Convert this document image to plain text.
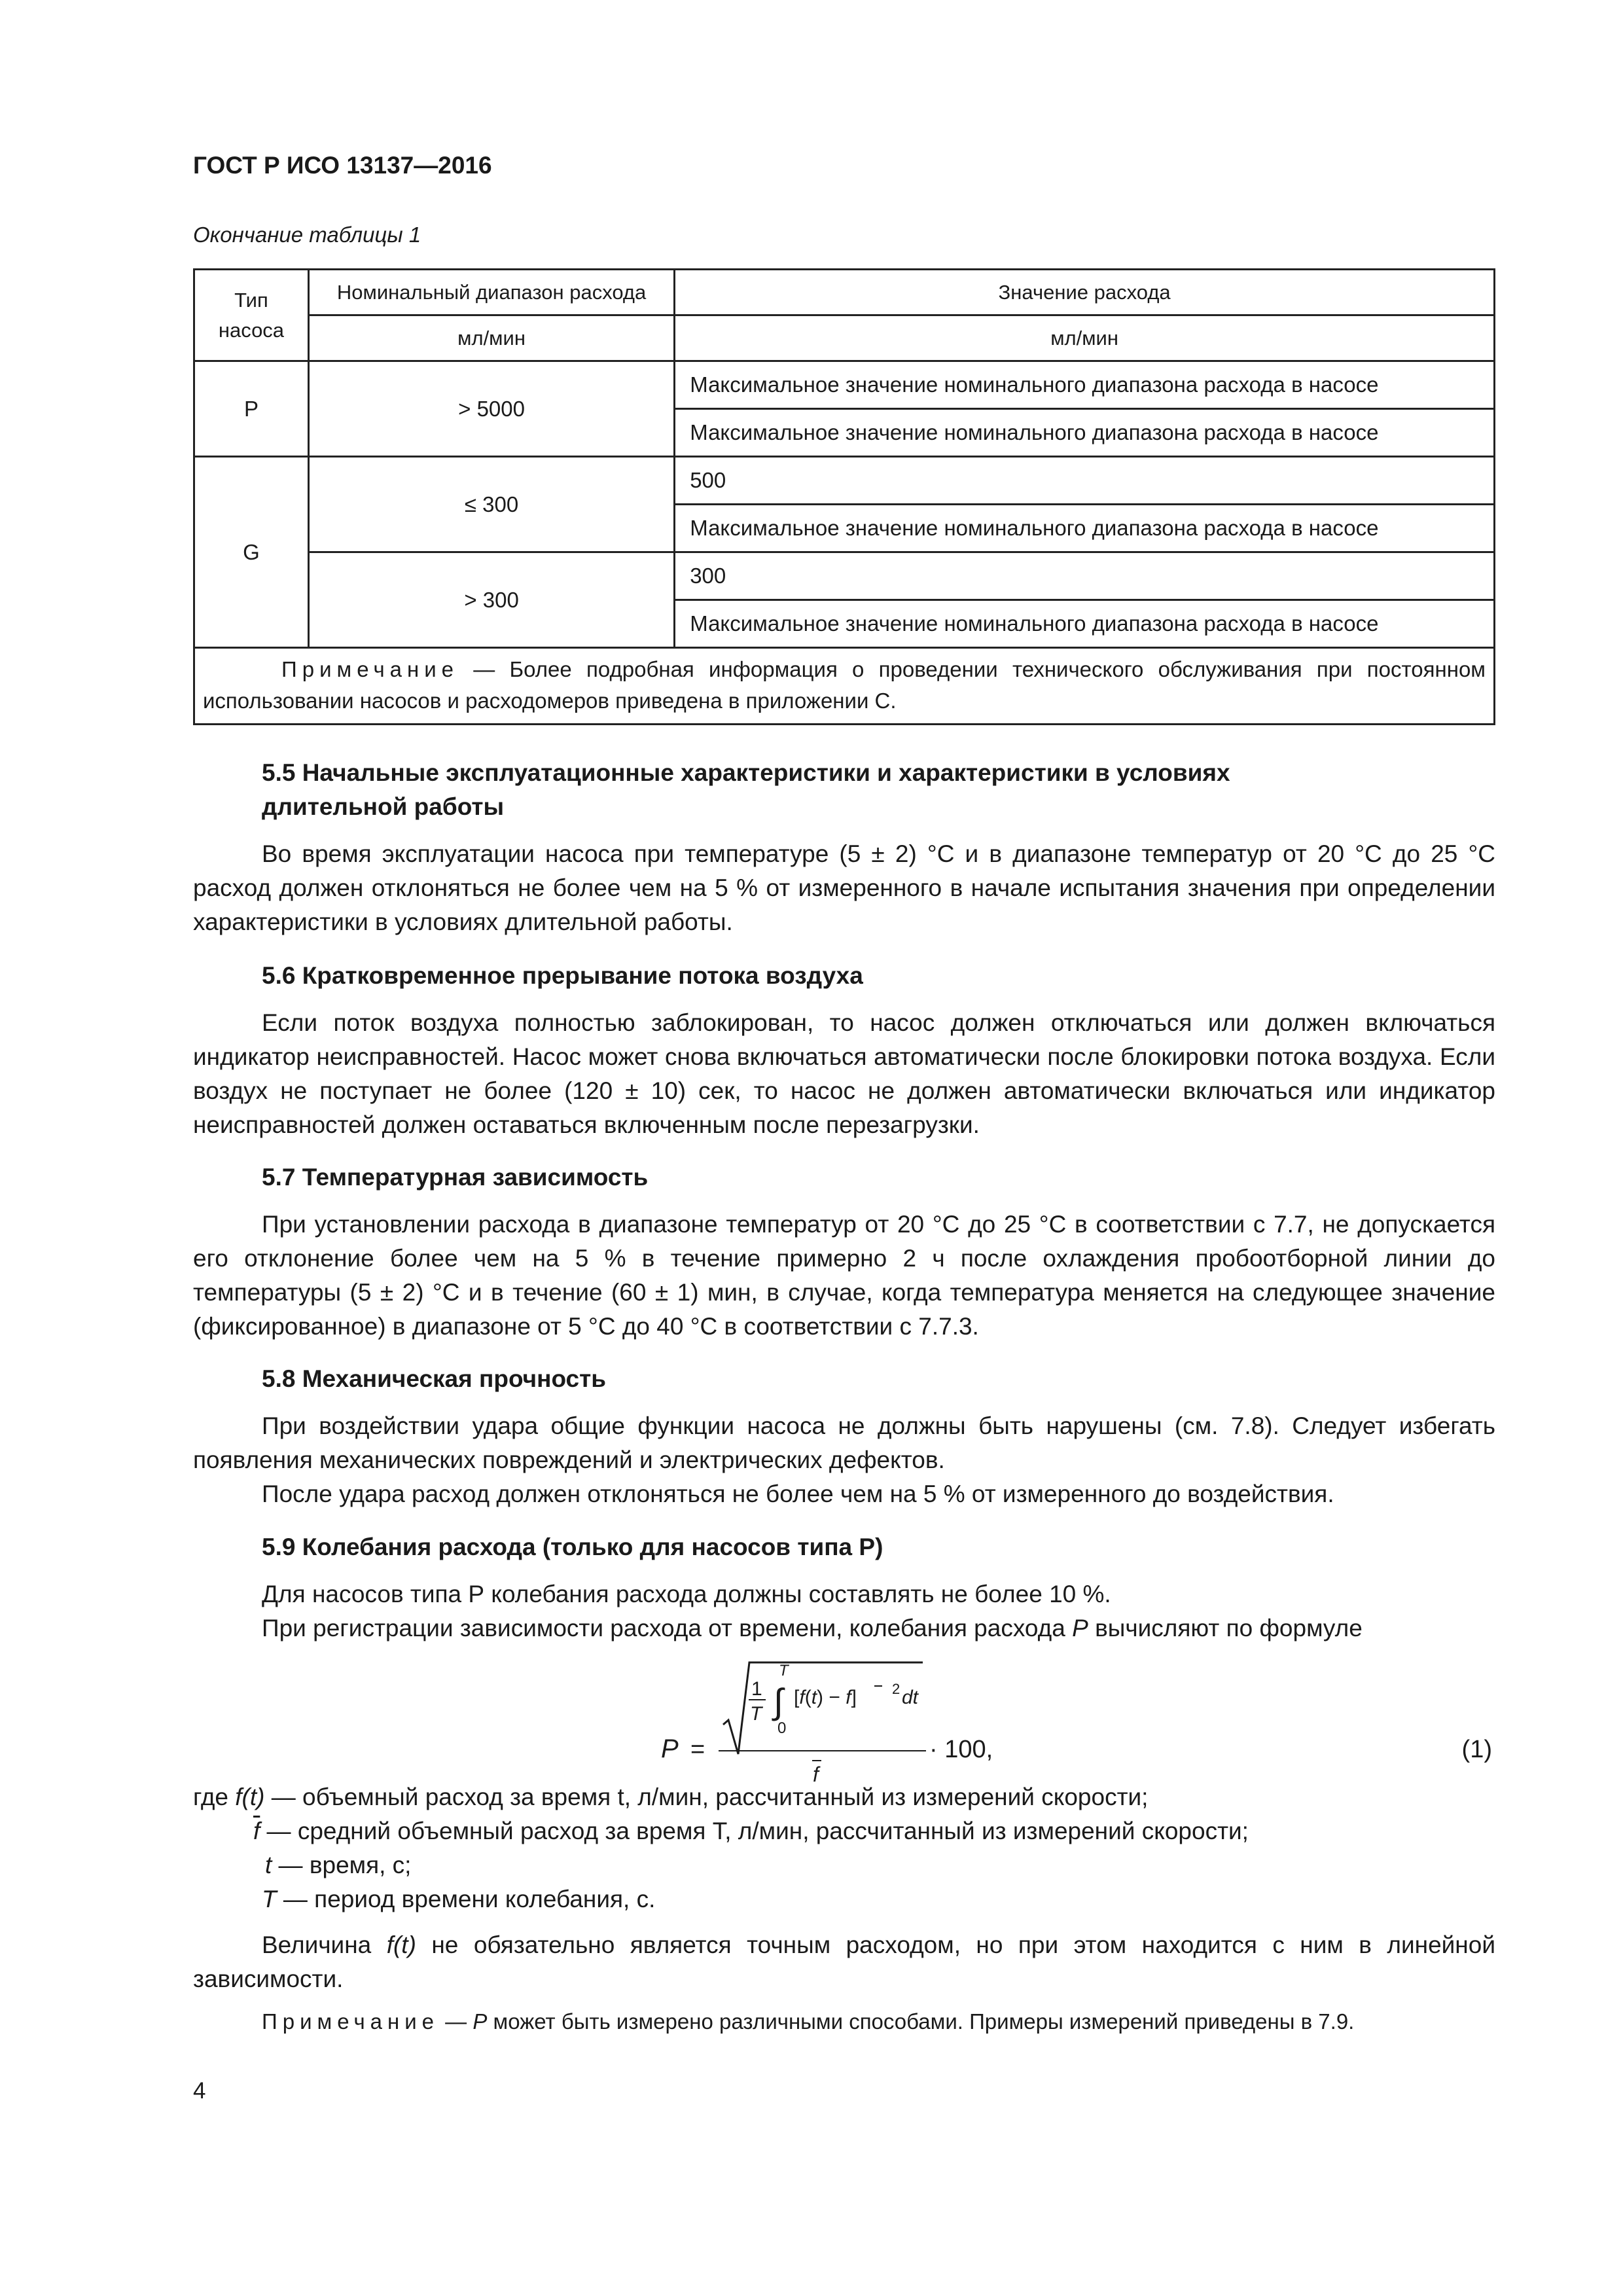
ГОСТ Р ИСО 13137—2016
Окончание таблицы 1
Тип
насоса	Номинальный диапазон расхода	Значение расхода
	мл/мин	мл/мин
P	> 5000	Максимальное значение номинального диапазона расхода в насосе
		Максимальное значение номинального диапазона расхода в насосе
G	≤ 300	500
		Максимальное значение номинального диапазона расхода в насосе
	> 300	300
		Максимальное значение номинального диапазона расхода в насосе
Примечание — Более подробная информация о проведении технического обслуживания при постоянном использовании насосов и расходомеров приведена в приложении С.		
5.5 Начальные эксплуатационные характеристики и характеристики в условиях длительной работы

Во время эксплуатации насоса при температуре (5 ± 2) °С и в диапазоне температур от 20 °С до 25 °С расход должен отклоняться не более чем на 5 % от измеренного в начале испытания значения при определении характеристики в условиях длительной работы.

5.6 Кратковременное прерывание потока воздуха

Если поток воздуха полностью заблокирован, то насос должен отключаться или должен включаться индикатор неисправностей. Насос может снова включаться автоматически после блокировки потока воздуха. Если воздух не поступает не более (120 ± 10) сек, то насос не должен автоматически включаться или индикатор неисправностей должен оставаться включенным после перезагрузки.

5.7 Температурная зависимость

При установлении расхода в диапазоне температур от 20 °С до 25 °С в соответствии с 7.7, не допускается его отклонение более чем на 5 % в течение примерно 2 ч после охлаждения пробоотборной линии до температуры (5 ± 2) °С и в течение (60 ± 1) мин, в случае, когда температура меняется на следующее значение (фиксированное) в диапазоне от 5 °С до 40 °С в соответствии с 7.7.3.

5.8 Механическая прочность

При воздействии удара общие функции насоса не должны быть нарушены (см. 7.8). Следует избегать появления механических повреждений и электрических дефектов.

После удара расход должен отклоняться не более чем на 5 % от измеренного до воздействия.

5.9 Колебания расхода (только для насосов типа Р)

Для насосов типа Р колебания расхода должны составлять не более 10 %.

При регистрации зависимости расхода от времени, колебания расхода P вычисляют по формуле

P =
1
T
T
∫
0
[f(t) − f] 2 dt
f
· 100,	(1)
где f(t) — объемный расход за время t, л/мин, рассчитанный из измерений скорости;
$\overline{f}$ — средний объемный расход за время T, л/мин, рассчитанный из измерений скорости;
t — время, с;
T — период времени колебания, с.
Величина f(t) не обязательно является точным расходом, но при этом находится с ним в линейной зависимости.
Примечание — P может быть измерено различными способами. Примеры измерений приведены в 7.9.
4
